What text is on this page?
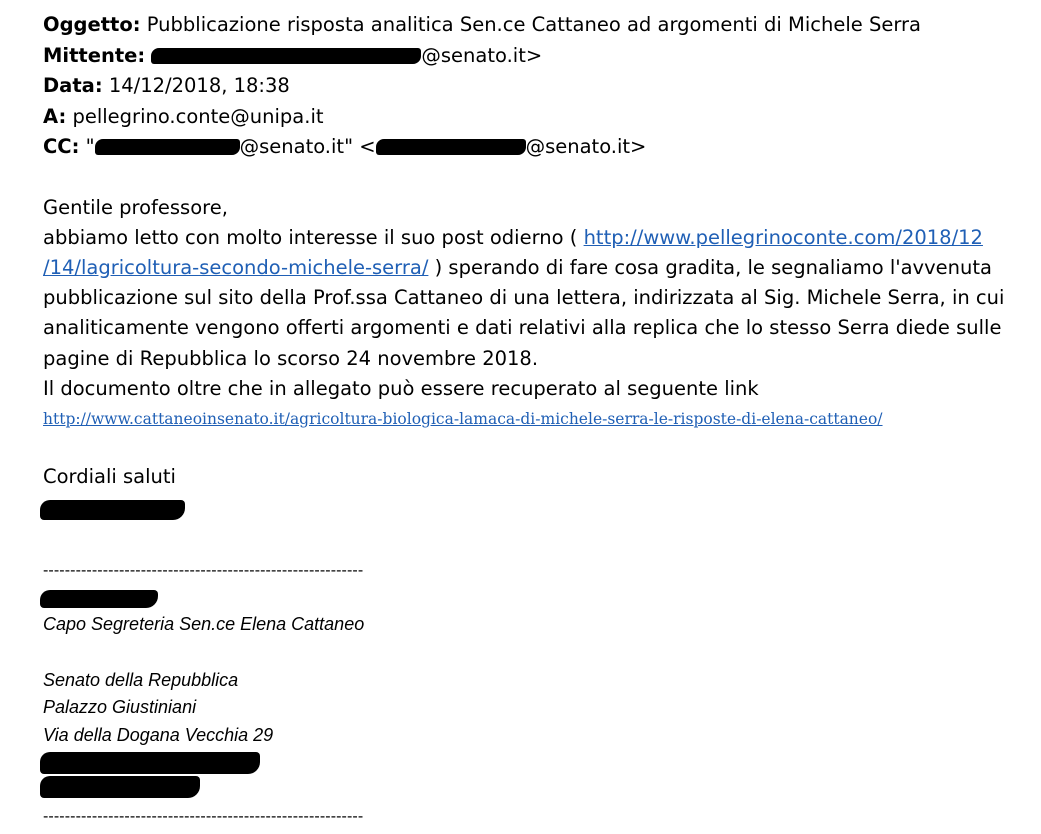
Oggetto: Pubblicazione risposta analitica Sen.ce Cattaneo ad argomenti di Michele Serra
Mittente:	@senato.it>
Data: 14/12/2018, 18:38
A: pellegrino.conte@unipa.it
CC: "	@senato.it" <	@senato.it>

Gentile professore,

abbiamo letto con molto interesse il suo post odierno ( http://www.pellegrinoconte.com/2018/12
/14/lagricoltura-secondo-michele-serra/ ) sperando di fare cosa gradita, le segnaliamo l'avvenuta pubblicazione sul sito della Prof.ssa Cattaneo di una lettera, indirizzata al Sig. Michele Serra, in cui analiticamente vengono offerti argomenti e dati relativi alla replica che lo stesso Serra diede sulle pagine di Repubblica lo scorso 24 novembre 2018.

Il documento oltre che in allegato può essere recuperato al seguente link

http://www.cattaneoinsenato.it/agricoltura-biologica-lamaca-di-michele-serra-le-risposte-di-elena-cattaneo/

Cordiali saluti
-----------------------------------------------------------
Capo Segreteria Sen.ce Elena Cattaneo
Senato della Repubblica
Palazzo Giustiniani
Via della Dogana Vecchia 29
-----------------------------------------------------------
